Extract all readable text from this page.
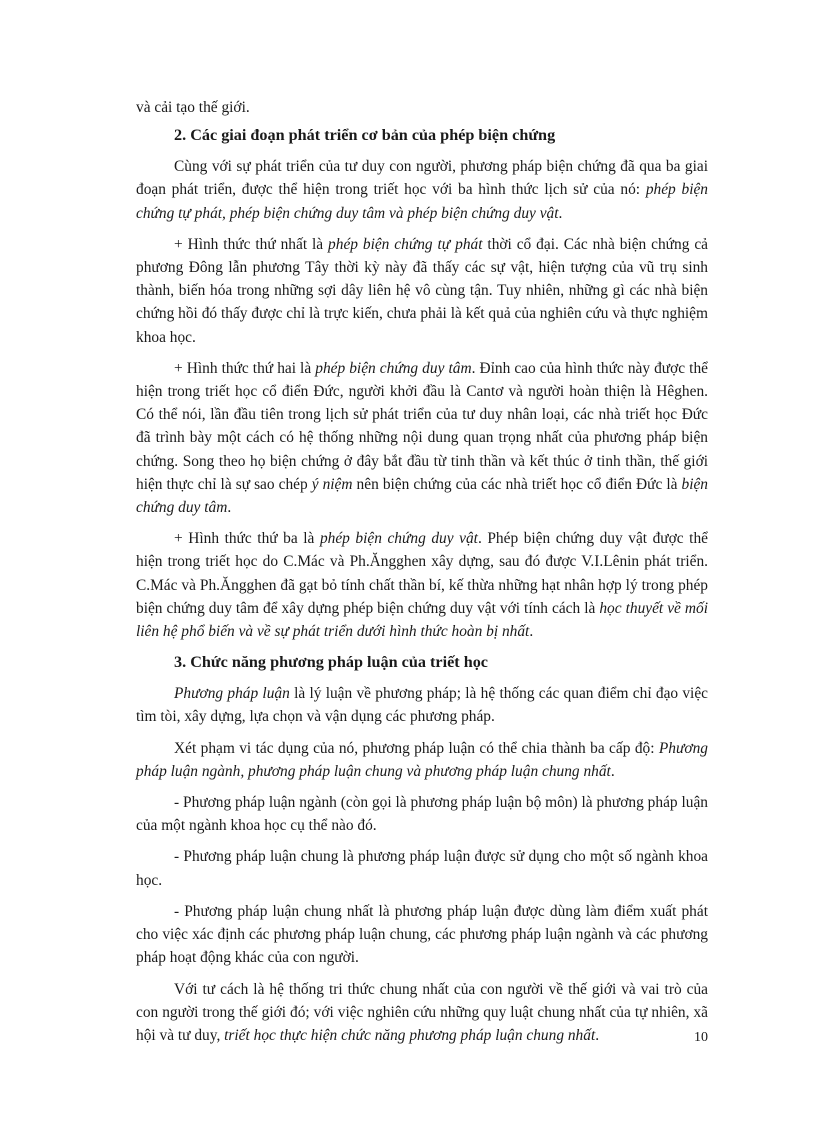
và cải tạo thế giới.

2. Các giai đoạn phát triển cơ bản của phép biện chứng

Cùng với sự phát triển của tư duy con người, phương pháp biện chứng đã qua ba giai đoạn phát triển, được thể hiện trong triết học với ba hình thức lịch sử của nó: phép biện chứng tự phát, phép biện chứng duy tâm và phép biện chứng duy vật.

+ Hình thức thứ nhất là phép biện chứng tự phát thời cổ đại. Các nhà biện chứng cả phương Đông lẫn phương Tây thời kỳ này đã thấy các sự vật, hiện tượng của vũ trụ sinh thành, biến hóa trong những sợi dây liên hệ vô cùng tận. Tuy nhiên, những gì các nhà biện chứng hồi đó thấy được chỉ là trực kiến, chưa phải là kết quả của nghiên cứu và thực nghiệm khoa học.

+ Hình thức thứ hai là phép biện chứng duy tâm. Đỉnh cao của hình thức này được thể hiện trong triết học cổ điển Đức, người khởi đầu là Cantơ và người hoàn thiện là Hêghen. Có thể nói, lần đầu tiên trong lịch sử phát triển của tư duy nhân loại, các nhà triết học Đức đã trình bày một cách có hệ thống những nội dung quan trọng nhất của phương pháp biện chứng. Song theo họ biện chứng ở đây bắt đầu từ tinh thần và kết thúc ở tinh thần, thế giới hiện thực chỉ là sự sao chép ý niệm nên biện chứng của các nhà triết học cổ điển Đức là biện chứng duy tâm.

+ Hình thức thứ ba là phép biện chứng duy vật. Phép biện chứng duy vật được thể hiện trong triết học do C.Mác và Ph.Ăngghen xây dựng, sau đó được V.I.Lênin phát triển. C.Mác và Ph.Ăngghen đã gạt bỏ tính chất thần bí, kế thừa những hạt nhân hợp lý trong phép biện chứng duy tâm để xây dựng phép biện chứng duy vật với tính cách là học thuyết về mối liên hệ phổ biến và về sự phát triển dưới hình thức hoàn bị nhất.

3. Chức năng phương pháp luận của triết học

Phương pháp luận là lý luận về phương pháp; là hệ thống các quan điểm chỉ đạo việc tìm tòi, xây dựng, lựa chọn và vận dụng các phương pháp.

Xét phạm vi tác dụng của nó, phương pháp luận có thể chia thành ba cấp độ: Phương pháp luận ngành, phương pháp luận chung và phương pháp luận chung nhất.

- Phương pháp luận ngành (còn gọi là phương pháp luận bộ môn) là phương pháp luận của một ngành khoa học cụ thể nào đó.

- Phương pháp luận chung là phương pháp luận được sử dụng cho một số ngành khoa học.

- Phương pháp luận chung nhất là phương pháp luận được dùng làm điểm xuất phát cho việc xác định các phương pháp luận chung, các phương pháp luận ngành và các phương pháp hoạt động khác của con người.

Với tư cách là hệ thống tri thức chung nhất của con người về thế giới và vai trò của con người trong thế giới đó; với việc nghiên cứu những quy luật chung nhất của tự nhiên, xã hội và tư duy, triết học thực hiện chức năng phương pháp luận chung nhất.	10
